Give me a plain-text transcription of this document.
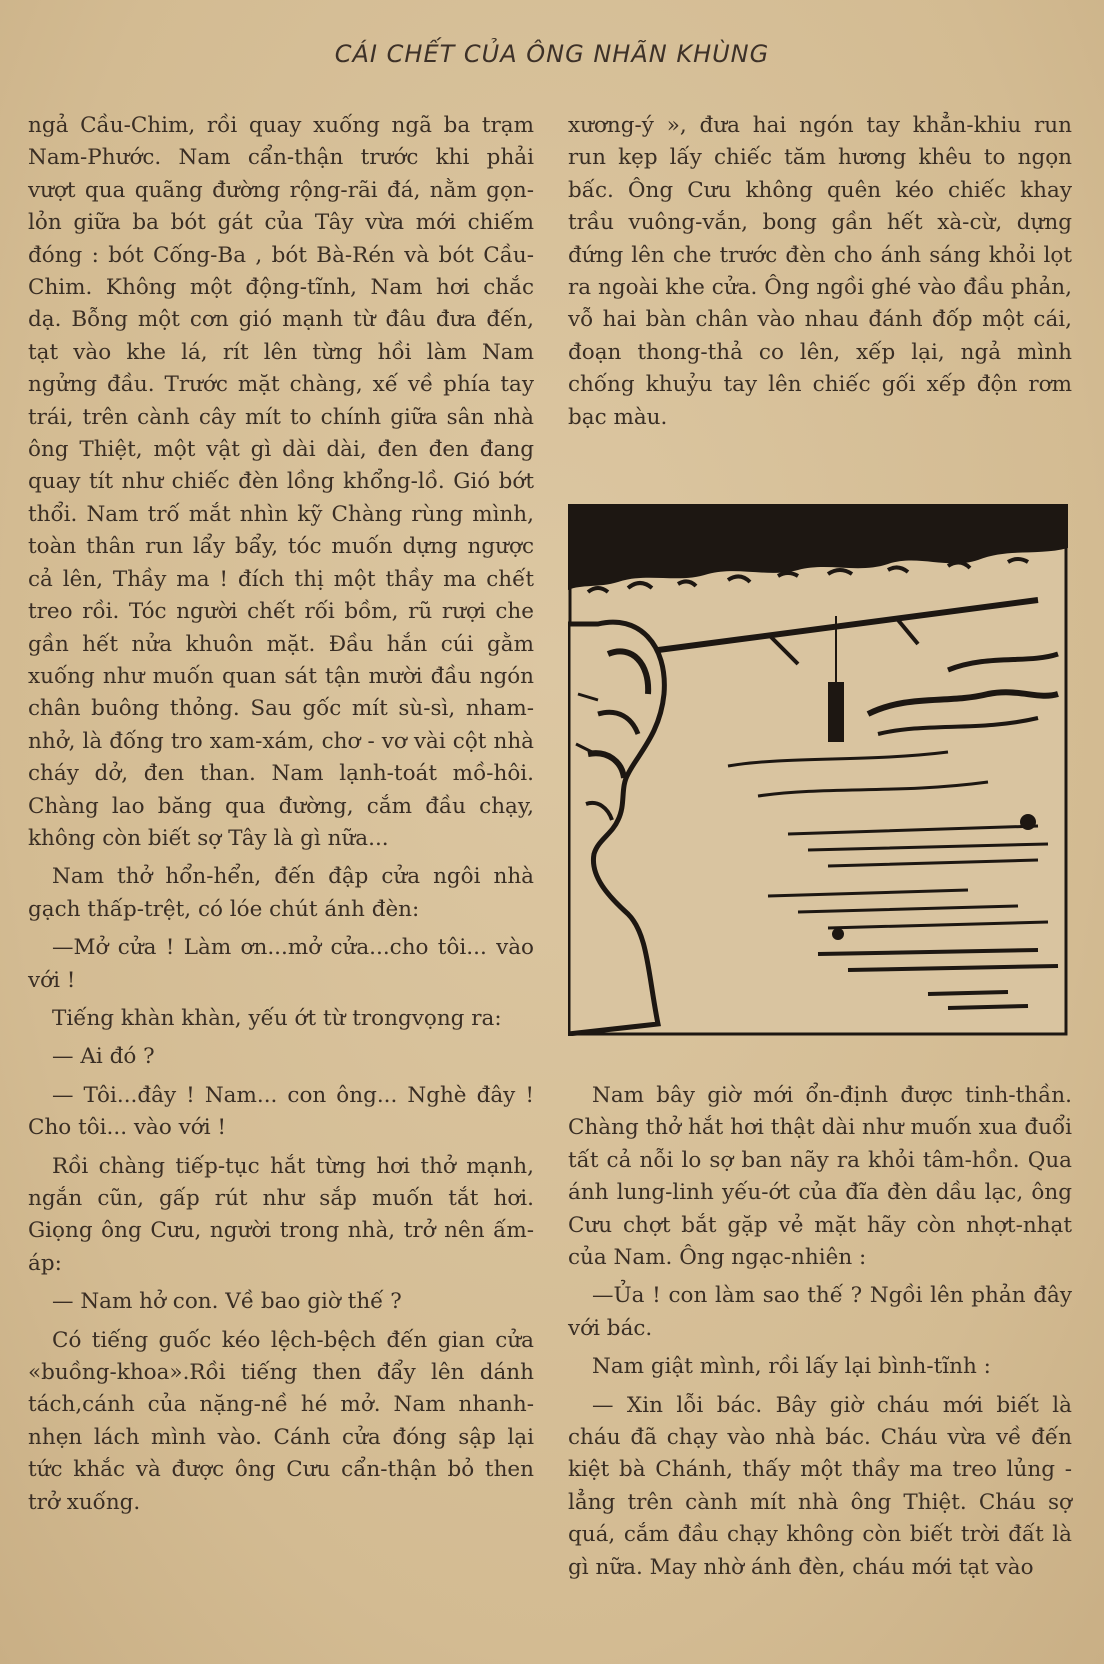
CÁI CHẾT CỦA ÔNG NHÃN KHÙNG

ngả Cầu-Chim, rồi quay xuống ngã ba trạm Nam-Phước. Nam cẩn-thận trước khi phải vượt qua quãng đường rộng-rãi đá, nằm gọn-lỏn giữa ba bót gát của Tây vừa mới chiếm đóng : bót Cống-Ba , bót Bà-Rén và bót Cầu-Chim. Không một động-tĩnh, Nam hơi chắc dạ. Bỗng một cơn gió mạnh từ đâu đưa đến, tạt vào khe lá, rít lên từng hồi làm Nam ngửng đầu. Trước mặt chàng, xế về phía tay trái, trên cành cây mít to chính giữa sân nhà ông Thiệt, một vật gì dài dài, đen đen đang quay tít như chiếc đèn lồng khổng-lồ. Gió bớt thổi. Nam trố mắt nhìn kỹ Chàng rùng mình, toàn thân run lẩy bẩy, tóc muốn dựng ngược cả lên, Thầy ma ! đích thị một thầy ma chết treo rồi. Tóc người chết rối bồm, rũ rượi che gần hết nửa khuôn mặt. Đầu hắn cúi gằm xuống như muốn quan sát tận mười đầu ngón chân buông thỏng. Sau gốc mít sù-sì, nham-nhở, là đống tro xam-xám, chơ - vơ vài cột nhà cháy dở, đen than. Nam lạnh-toát mồ-hôi. Chàng lao băng qua đường, cắm đầu chạy, không còn biết sợ Tây là gì nữa...

Nam thở hổn-hển, đến đập cửa ngôi nhà gạch thấp-trệt, có lóe chút ánh đèn:

—Mở cửa ! Làm ơn...mở cửa...cho tôi... vào với !

Tiếng khàn khàn, yếu ớt từ trongvọng ra:

— Ai đó ?

— Tôi...đây ! Nam... con ông... Nghè đây ! Cho tôi... vào với !

Rồi chàng tiếp-tục hắt từng hơi thở mạnh, ngắn cũn, gấp rút như sắp muốn tắt hơi. Giọng ông Cưu, người trong nhà, trở nên ấm-áp:

— Nam hở con. Về bao giờ thế ?

Có tiếng guốc kéo lệch-bệch đến gian cửa «buồng-khoa».Rồi tiếng then đẩy lên dánh tách,cánh của nặng-nề hé mở. Nam nhanh-nhẹn lách mình vào. Cánh cửa đóng sập lại tức khắc và được ông Cưu cẩn-thận bỏ then trở xuống.

xương-ý », đưa hai ngón tay khẳn-khiu run run kẹp lấy chiếc tăm hương khêu to ngọn bấc. Ông Cưu không quên kéo chiếc khay trầu vuông-vắn, bong gần hết xà-cừ, dựng đứng lên che trước đèn cho ánh sáng khỏi lọt ra ngoài khe cửa. Ông ngồi ghé vào đầu phản, vỗ hai bàn chân vào nhau đánh đốp một cái, đoạn thong-thả co lên, xếp lại, ngả mình chống khuỷu tay lên chiếc gối xếp độn rơm bạc màu.

Nam bây giờ mới ổn-định được tinh-thần. Chàng thở hắt hơi thật dài như muốn xua đuổi tất cả nỗi lo sợ ban nãy ra khỏi tâm-hồn. Qua ánh lung-linh yếu-ớt của đĩa đèn dầu lạc, ông Cưu chợt bắt gặp vẻ mặt hãy còn nhợt-nhạt của Nam. Ông ngạc-nhiên :

—Ủa ! con làm sao thế ? Ngồi lên phản đây với bác.

Nam giật mình, rồi lấy lại bình-tĩnh :

— Xin lỗi bác. Bây giờ cháu mới biết là cháu đã chạy vào nhà bác. Cháu vừa về đến kiệt bà Chánh, thấy một thầy ma treo lủng - lẳng trên cành mít nhà ông Thiệt. Cháu sợ quá, cắm đầu chạy không còn biết trời đất là gì nữa. May nhờ ánh đèn, cháu mới tạt vào
